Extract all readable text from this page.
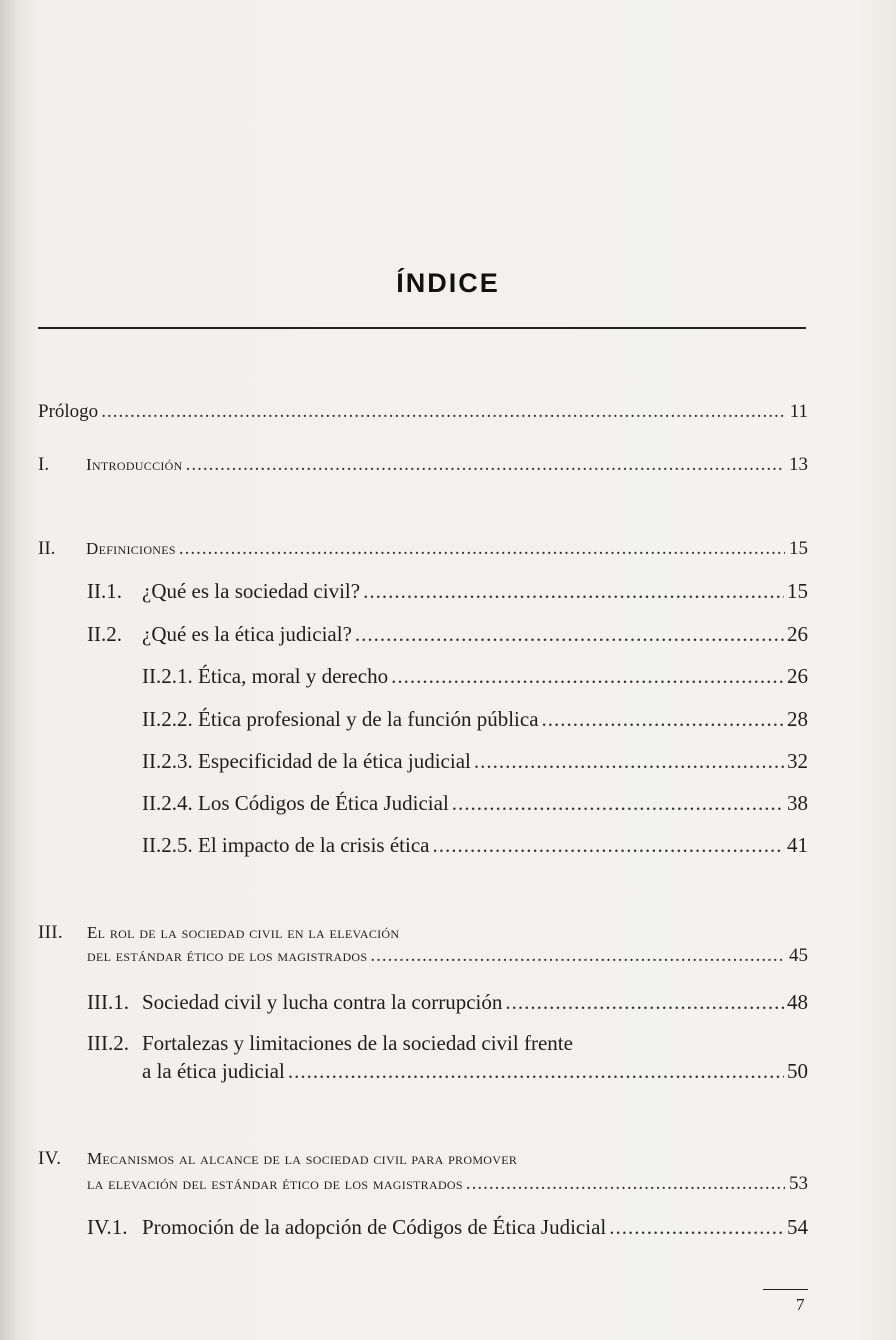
ÍNDICE
Prólogo .....	11
I.	Introducción .....	13
II.	Definiciones .....	15
II.1. ¿Qué es la sociedad civil? .....	15
II.2. ¿Qué es la ética judicial? .....	26
II.2.1. Ética, moral y derecho .....	26
II.2.2. Ética profesional y de la función pública .....	28
II.2.3. Especificidad de la ética judicial .....	32
II.2.4. Los Códigos de Ética Judicial .....	38
II.2.5. El impacto de la crisis ética .....	41
III. El rol de la sociedad civil en la elevación
del estándar ético de los magistrados .....	45
III.1. Sociedad civil y lucha contra la corrupción .....	48
III.2. Fortalezas y limitaciones de la sociedad civil frente
a la ética judicial .....	50
IV. Mecanismos al alcance de la sociedad civil para promover
la elevación del estándar ético de los magistrados .....	53
IV.1. Promoción de la adopción de Códigos de Ética Judicial .....	54
7
